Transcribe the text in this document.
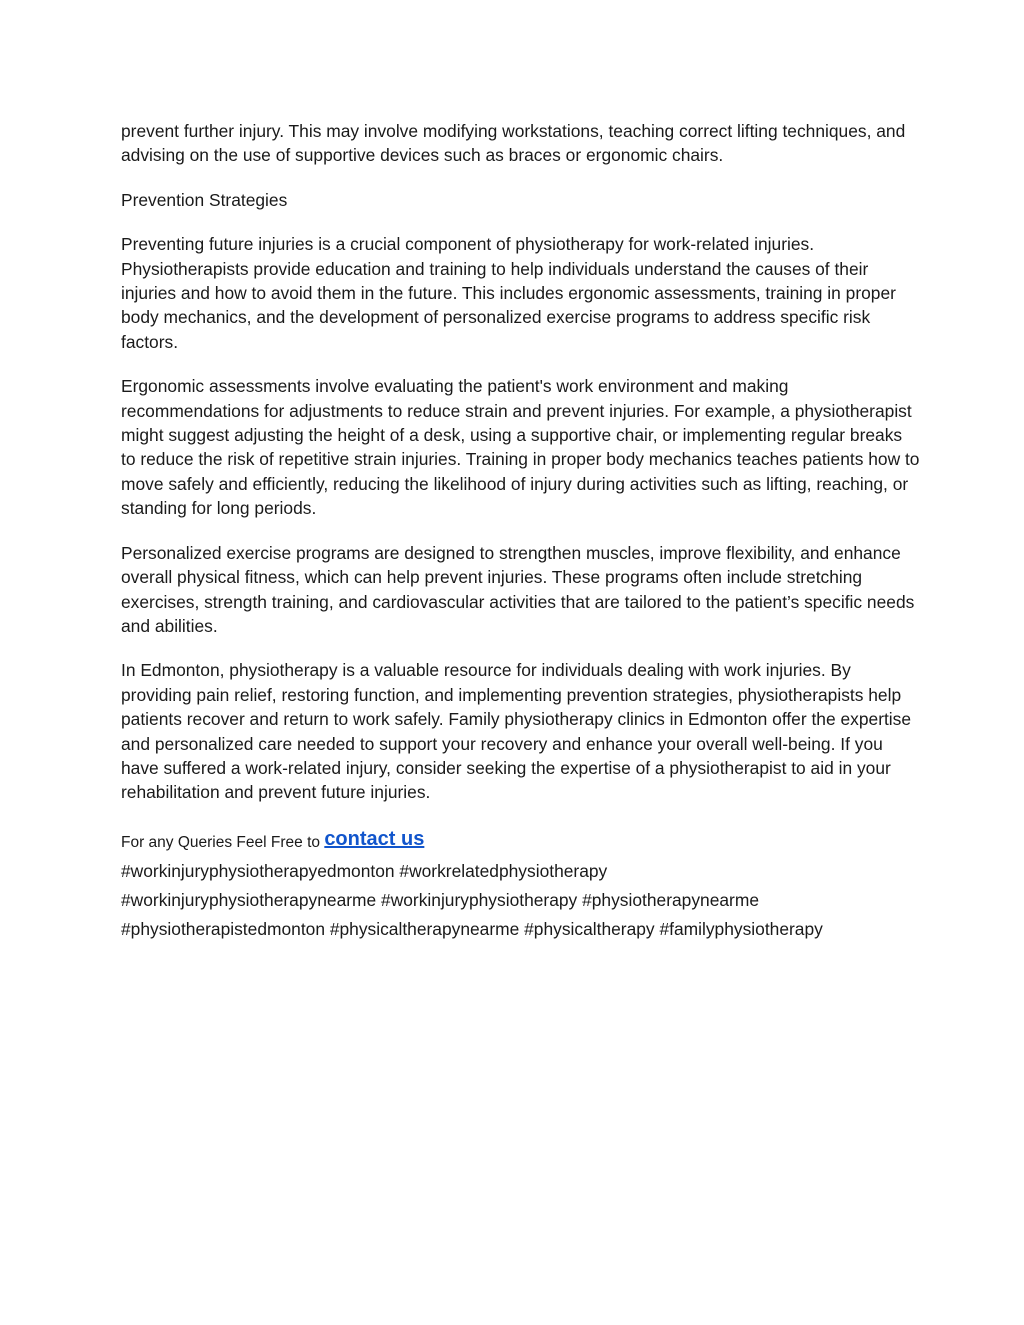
prevent further injury. This may involve modifying workstations, teaching correct lifting techniques, and advising on the use of supportive devices such as braces or ergonomic chairs.

Prevention Strategies

Preventing future injuries is a crucial component of physiotherapy for work-related injuries. Physiotherapists provide education and training to help individuals understand the causes of their injuries and how to avoid them in the future. This includes ergonomic assessments, training in proper body mechanics, and the development of personalized exercise programs to address specific risk factors.

Ergonomic assessments involve evaluating the patient's work environment and making recommendations for adjustments to reduce strain and prevent injuries. For example, a physiotherapist might suggest adjusting the height of a desk, using a supportive chair, or implementing regular breaks to reduce the risk of repetitive strain injuries. Training in proper body mechanics teaches patients how to move safely and efficiently, reducing the likelihood of injury during activities such as lifting, reaching, or standing for long periods.

Personalized exercise programs are designed to strengthen muscles, improve flexibility, and enhance overall physical fitness, which can help prevent injuries. These programs often include stretching exercises, strength training, and cardiovascular activities that are tailored to the patient’s specific needs and abilities.

In Edmonton, physiotherapy is a valuable resource for individuals dealing with work injuries. By providing pain relief, restoring function, and implementing prevention strategies, physiotherapists help patients recover and return to work safely. Family physiotherapy clinics in Edmonton offer the expertise and personalized care needed to support your recovery and enhance your overall well-being. If you have suffered a work-related injury, consider seeking the expertise of a physiotherapist to aid in your rehabilitation and prevent future injuries.

For any Queries Feel Free to contact us
#workinjuryphysiotherapyedmonton #workrelatedphysiotherapy
#workinjuryphysiotherapynearme #workinjuryphysiotherapy #physiotherapynearme
#physiotherapistedmonton #physicaltherapynearme #physicaltherapy #familyphysiotherapy
